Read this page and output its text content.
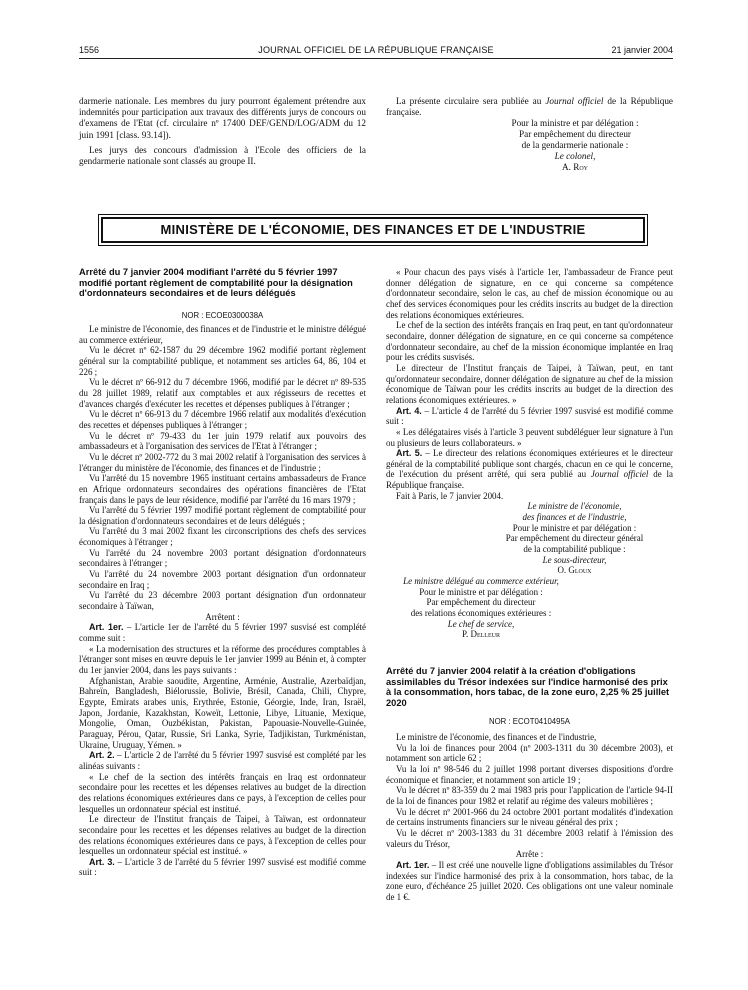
1556	JOURNAL OFFICIEL DE LA RÉPUBLIQUE FRANÇAISE	21 janvier 2004

darmerie nationale. Les membres du jury pourront également prétendre aux indemnités pour participation aux travaux des différents jurys de concours ou d'examens de l'Etat (cf. circulaire nº 17400 DEF/GEND/LOG/ADM du 12 juin 1991 [class. 93.14]).

Les jurys des concours d'admission à l'Ecole des officiers de la gendarmerie nationale sont classés au groupe II.

La présente circulaire sera publiée au Journal officiel de la République française.

Pour la ministre et par délégation :
Par empêchement du directeur
de la gendarmerie nationale :
Le colonel,
A. Roy
MINISTÈRE DE L'ÉCONOMIE, DES FINANCES ET DE L'INDUSTRIE

Arrêté du 7 janvier 2004 modifiant l'arrêté du 5 février 1997 modifié portant règlement de comptabilité pour la désignation d'ordonnateurs secondaires et de leurs délégués

NOR : ECOE0300038A
Le ministre de l'économie, des finances et de l'industrie et le ministre délégué au commerce extérieur,
Vu le décret nº 62-1587 du 29 décembre 1962 modifié portant règlement général sur la comptabilité publique, et notamment ses articles 64, 86, 104 et 226 ;
Vu le décret nº 66-912 du 7 décembre 1966, modifié par le décret nº 89-535 du 28 juillet 1989, relatif aux comptables et aux régisseurs de recettes et d'avances chargés d'exécuter les recettes et dépenses publiques à l'étranger ;
Vu le décret nº 66-913 du 7 décembre 1966 relatif aux modalités d'exécution des recettes et dépenses publiques à l'étranger ;
Vu le décret nº 79-433 du 1er juin 1979 relatif aux pouvoirs des ambassadeurs et à l'organisation des services de l'Etat à l'étranger ;
Vu le décret nº 2002-772 du 3 mai 2002 relatif à l'organisation des services à l'étranger du ministère de l'économie, des finances et de l'industrie ;
Vu l'arrêté du 15 novembre 1965 instituant certains ambassadeurs de France en Afrique ordonnateurs secondaires des opérations financières de l'Etat français dans le pays de leur résidence, modifié par l'arrêté du 16 mars 1979 ;
Vu l'arrêté du 5 février 1997 modifié portant règlement de comptabilité pour la désignation d'ordonnateurs secondaires et de leurs délégués ;
Vu l'arrêté du 3 mai 2002 fixant les circonscriptions des chefs des services économiques à l'étranger ;
Vu l'arrêté du 24 novembre 2003 portant désignation d'ordonnateurs secondaires à l'étranger ;
Vu l'arrêté du 24 novembre 2003 portant désignation d'un ordonnateur secondaire en Iraq ;
Vu l'arrêté du 23 décembre 2003 portant désignation d'un ordonnateur secondaire à Taïwan,
Arrêtent :
Art. 1er. – L'article 1er de l'arrêté du 5 février 1997 susvisé est complété comme suit :
« La modernisation des structures et la réforme des procédures comptables à l'étranger sont mises en œuvre depuis le 1er janvier 1999 au Bénin et, à compter du 1er janvier 2004, dans les pays suivants :
Afghanistan, Arabie saoudite, Argentine, Arménie, Australie, Azerbaïdjan, Bahreïn, Bangladesh, Biélorussie, Bolivie, Brésil, Canada, Chili, Chypre, Egypte, Emirats arabes unis, Erythrée, Estonie, Géorgie, Inde, Iran, Israël, Japon, Jordanie, Kazakhstan, Koweït, Lettonie, Libye, Lituanie, Mexique, Mongolie, Oman, Ouzbékistan, Pakistan, Papouasie-Nouvelle-Guinée, Paraguay, Pérou, Qatar, Russie, Sri Lanka, Syrie, Tadjikistan, Turkménistan, Ukraine, Uruguay, Yémen. »
Art. 2. – L'article 2 de l'arrêté du 5 février 1997 susvisé est complété par les alinéas suivants :
« Le chef de la section des intérêts français en Iraq est ordonnateur secondaire pour les recettes et les dépenses relatives au budget de la direction des relations économiques extérieures dans ce pays, à l'exception de celles pour lesquelles un ordonnateur spécial est institué.
Le directeur de l'Institut français de Taipei, à Taïwan, est ordonnateur secondaire pour les recettes et les dépenses relatives au budget de la direction des relations économiques extérieures dans ce pays, à l'exception de celles pour lesquelles un ordonnateur spécial est institué. »
Art. 3. – L'article 3 de l'arrêté du 5 février 1997 susvisé est modifié comme suit :
« Pour chacun des pays visés à l'article 1er, l'ambassadeur de France peut donner délégation de signature, en ce qui concerne sa compétence d'ordonnateur secondaire, selon le cas, au chef de mission économique ou au chef des services économiques pour les crédits inscrits au budget de la direction des relations économiques extérieures.
Le chef de la section des intérêts français en Iraq peut, en tant qu'ordonnateur secondaire, donner délégation de signature, en ce qui concerne sa compétence d'ordonnateur secondaire, au chef de la mission économique implantée en Iraq pour les crédits susvisés.
Le directeur de l'Institut français de Taipei, à Taïwan, peut, en tant qu'ordonnateur secondaire, donner délégation de signature au chef de la mission économique de Taïwan pour les crédits inscrits au budget de la direction des relations économiques extérieures. »
Art. 4. – L'article 4 de l'arrêté du 5 février 1997 susvisé est modifié comme suit :
« Les délégataires visés à l'article 3 peuvent subdéléguer leur signature à l'un ou plusieurs de leurs collaborateurs. »
Art. 5. – Le directeur des relations économiques extérieures et le directeur général de la comptabilité publique sont chargés, chacun en ce qui le concerne, de l'exécution du présent arrêté, qui sera publié au Journal officiel de la République française.
Fait à Paris, le 7 janvier 2004.
Le ministre de l'économie,
des finances et de l'industrie,
Pour le ministre et par délégation :
Par empêchement du directeur général
de la comptabilité publique :
Le sous-directeur,
O. Gloux
Le ministre délégué au commerce extérieur,
Pour le ministre et par délégation :
Par empêchement du directeur
des relations économiques extérieures :
Le chef de service,
P. Delleur

Arrêté du 7 janvier 2004 relatif à la création d'obligations assimilables du Trésor indexées sur l'indice harmonisé des prix à la consommation, hors tabac, de la zone euro, 2,25 % 25 juillet 2020

NOR : ECOT0410495A
Le ministre de l'économie, des finances et de l'industrie,
Vu la loi de finances pour 2004 (nº 2003-1311 du 30 décembre 2003), et notamment son article 62 ;
Vu la loi nº 98-546 du 2 juillet 1998 portant diverses dispositions d'ordre économique et financier, et notamment son article 19 ;
Vu le décret nº 83-359 du 2 mai 1983 pris pour l'application de l'article 94-II de la loi de finances pour 1982 et relatif au régime des valeurs mobilières ;
Vu le décret nº 2001-966 du 24 octobre 2001 portant modalités d'indexation de certains instruments financiers sur le niveau général des prix ;
Vu le décret nº 2003-1383 du 31 décembre 2003 relatif à l'émission des valeurs du Trésor,
Arrête :
Art. 1er. – Il est créé une nouvelle ligne d'obligations assimilables du Trésor indexées sur l'indice harmonisé des prix à la consommation, hors tabac, de la zone euro, d'échéance 25 juillet 2020. Ces obligations ont une valeur nominale de 1 €.
